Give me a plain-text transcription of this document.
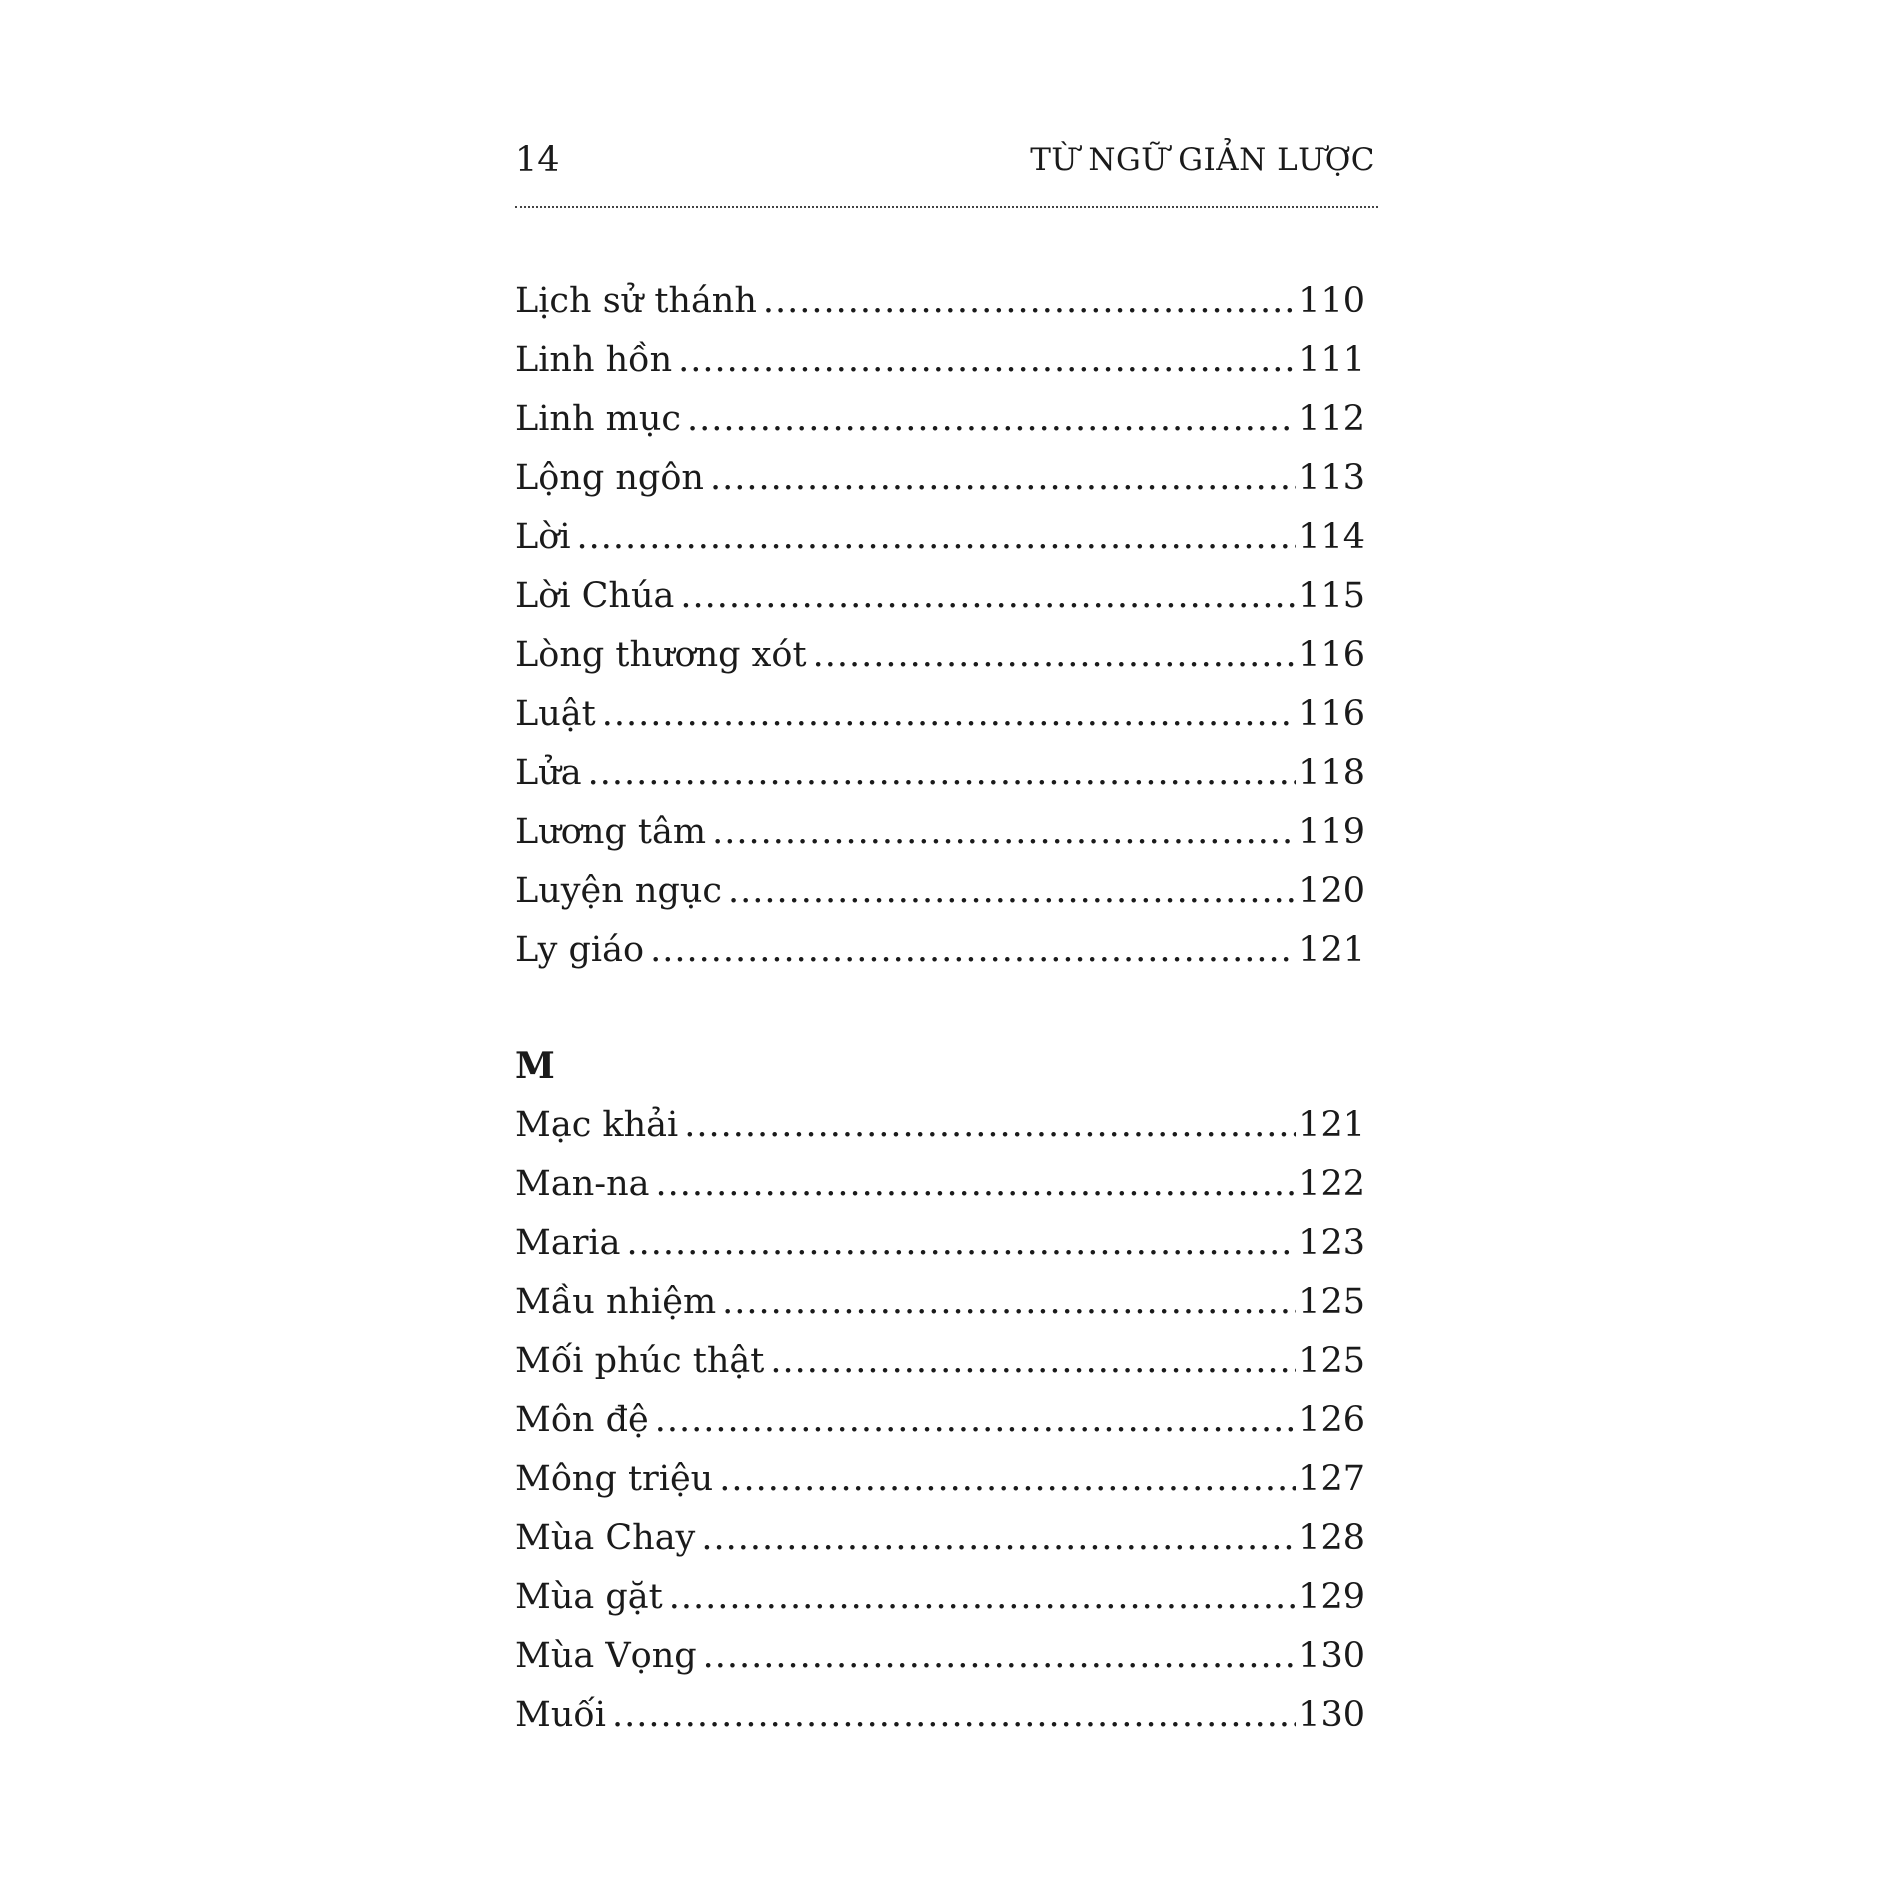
14	TỪ NGỮ GIẢN LƯỢC
Lịch sử thánh .....	110
Linh hồn .....	111
Linh mục .....	112
Lộng ngôn .....	113
Lời .....	114
Lời Chúa .....	115
Lòng thương xót .....	116
Luật .....	116
Lửa .....	118
Lương tâm .....	119
Luyện ngục .....	120
Ly giáo .....	121
M
Mạc khải .....	121
Man-na .....	122
Maria .....	123
Mầu nhiệm .....	125
Mối phúc thật .....	125
Môn đệ .....	126
Mông triệu .....	127
Mùa Chay .....	128
Mùa gặt .....	129
Mùa Vọng .....	130
Muối .....	130
